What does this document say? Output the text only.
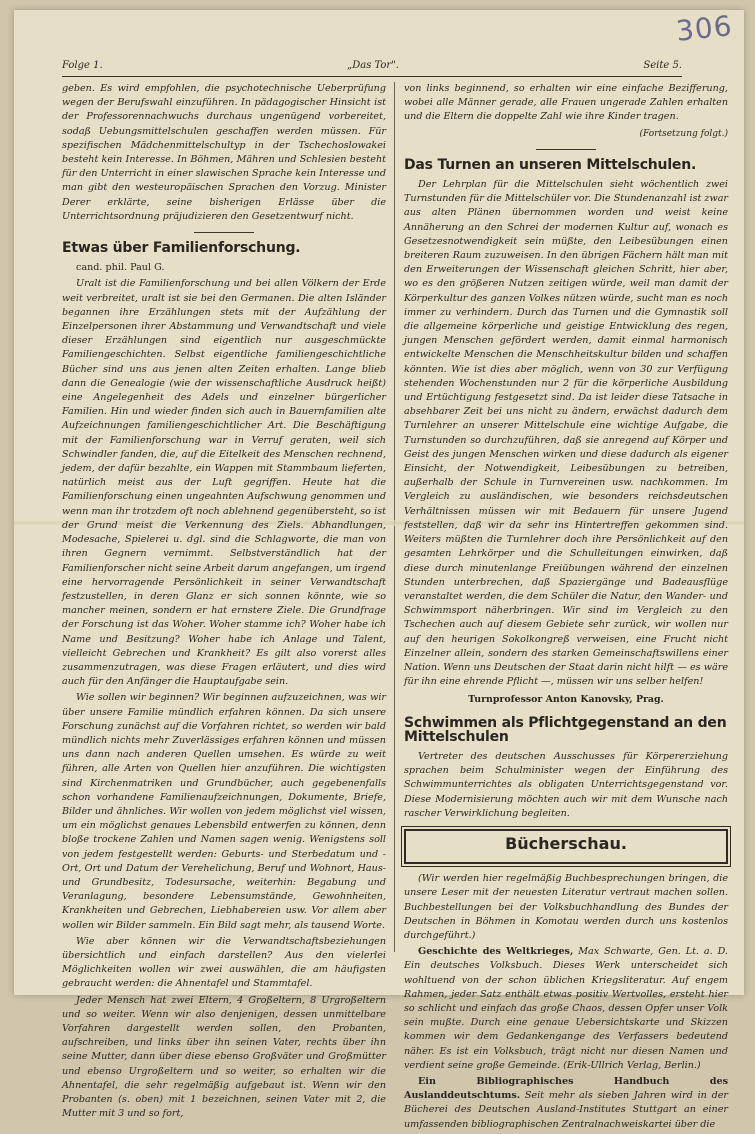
306
Folge 1.	„Das Tor".	Seite 5.

geben. Es wird empfohlen, die psychotechnische Ueberprüfung wegen der Berufswahl einzuführen. In pädagogischer Hinsicht ist der Professorennachwuchs durchaus ungenügend vorbereitet, sodaß Uebungsmittelschulen geschaffen werden müssen. Für spezifischen Mädchenmittelschultyp in der Tschechoslowakei besteht kein Interesse. In Böhmen, Mähren und Schlesien besteht für den Unterricht in einer slawischen Sprache kein Interesse und man gibt den westeuropäischen Sprachen den Vorzug. Minister Derer erklärte, seine bisherigen Erlässe über die Unterrichtsordnung präjudizieren den Gesetzentwurf nicht.

Etwas über Familienforschung.
cand. phil. Paul G.

Uralt ist die Familienforschung und bei allen Völkern der Erde weit verbreitet, uralt ist sie bei den Germanen. Die alten Isländer begannen ihre Erzählungen stets mit der Aufzählung der Einzelpersonen ihrer Abstammung und Verwandtschaft und viele dieser Erzählungen sind eigentlich nur ausgeschmückte Familiengeschichten. Selbst eigentliche familiengeschichtliche Bücher sind uns aus jenen alten Zeiten erhalten. Lange blieb dann die Genealogie (wie der wissenschaftliche Ausdruck heißt) eine Angelegenheit des Adels und einzelner bürgerlicher Familien. Hin und wieder finden sich auch in Bauernfamilien alte Aufzeichnungen familiengeschichtlicher Art. Die Beschäftigung mit der Familienforschung war in Verruf geraten, weil sich Schwindler fanden, die, auf die Eitelkeit des Menschen rechnend, jedem, der dafür bezahlte, ein Wappen mit Stammbaum lieferten, natürlich meist aus der Luft gegriffen. Heute hat die Familienforschung einen ungeahnten Aufschwung genommen und wenn man ihr trotzdem oft noch ablehnend gegenübersteht, so ist der Grund meist die Verkennung des Ziels. Abhandlungen, Modesache, Spielerei u. dgl. sind die Schlagworte, die man von ihren Gegnern vernimmt. Selbstverständlich hat der Familienforscher nicht seine Arbeit darum angefangen, um irgend eine hervorragende Persönlichkeit in seiner Verwandtschaft festzustellen, in deren Glanz er sich sonnen könnte, wie so mancher meinen, sondern er hat ernstere Ziele. Die Grundfrage der Forschung ist das Woher. Woher stamme ich? Woher habe ich Name und Besitzung? Woher habe ich Anlage und Talent, vielleicht Gebrechen und Krankheit? Es gilt also vorerst alles zusammenzutragen, was diese Fragen erläutert, und dies wird auch für den Anfänger die Hauptaufgabe sein.

Wie sollen wir beginnen? Wir beginnen aufzuzeichnen, was wir über unsere Familie mündlich erfahren können. Da sich unsere Forschung zunächst auf die Vorfahren richtet, so werden wir bald mündlich nichts mehr Zuverlässiges erfahren können und müssen uns dann nach anderen Quellen umsehen. Es würde zu weit führen, alle Arten von Quellen hier anzuführen. Die wichtigsten sind Kirchenmatriken und Grundbücher, auch gegebenenfalls schon vorhandene Familienaufzeichnungen, Dokumente, Briefe, Bilder und ähnliches. Wir wollen von jedem möglichst viel wissen, um ein möglichst genaues Lebensbild entwerfen zu können, denn bloße trockene Zahlen und Namen sagen wenig. Wenigstens soll von jedem festgestellt werden: Geburts- und Sterbedatum und -Ort, Ort und Datum der Verehelichung, Beruf und Wohnort, Haus- und Grundbesitz, Todesursache, weiterhin: Begabung und Veranlagung, besondere Lebensumstände, Gewohnheiten, Krankheiten und Gebrechen, Liebhabereien usw. Vor allem aber wollen wir Bilder sammeln. Ein Bild sagt mehr, als tausend Worte.

Wie aber können wir die Verwandtschaftsbeziehungen übersichtlich und einfach darstellen? Aus den vielerlei Möglichkeiten wollen wir zwei auswählen, die am häufigsten gebraucht werden: die Ahnentafel und Stammtafel.

Jeder Mensch hat zwei Eltern, 4 Großeltern, 8 Urgroßeltern und so weiter. Wenn wir also denjenigen, dessen unmittelbare Vorfahren dargestellt werden sollen, den Probanten, aufschreiben, und links über ihn seinen Vater, rechts über ihn seine Mutter, dann über diese ebenso Großväter und Großmütter und ebenso Urgroßeltern und so weiter, so erhalten wir die Ahnentafel, die sehr regelmäßig aufgebaut ist. Wenn wir den Probanten (s. oben) mit 1 bezeichnen, seinen Vater mit 2, die Mutter mit 3 und so fort,

von links beginnend, so erhalten wir eine einfache Bezifferung, wobei alle Männer gerade, alle Frauen ungerade Zahlen erhalten und die Eltern die doppelte Zahl wie ihre Kinder tragen.

(Fortsetzung folgt.)
Das Turnen an unseren Mittelschulen.

Der Lehrplan für die Mittelschulen sieht wöchentlich zwei Turnstunden für die Mittelschüler vor. Die Stundenanzahl ist zwar aus alten Plänen übernommen worden und weist keine Annäherung an den Schrei der modernen Kultur auf, wonach es Gesetzesnotwendigkeit sein müßte, den Leibesübungen einen breiteren Raum zuzuweisen. In den übrigen Fächern hält man mit den Erweiterungen der Wissenschaft gleichen Schritt, hier aber, wo es den größeren Nutzen zeitigen würde, weil man damit der Körperkultur des ganzen Volkes nützen würde, sucht man es noch immer zu verhindern. Durch das Turnen und die Gymnastik soll die allgemeine körperliche und geistige Entwicklung des regen, jungen Menschen gefördert werden, damit einmal harmonisch entwickelte Menschen die Menschheitskultur bilden und schaffen könnten. Wie ist dies aber möglich, wenn von 30 zur Verfügung stehenden Wochenstunden nur 2 für die körperliche Ausbildung und Ertüchtigung festgesetzt sind. Da ist leider diese Tatsache in absehbarer Zeit bei uns nicht zu ändern, erwächst dadurch dem Turnlehrer an unserer Mittelschule eine wichtige Aufgabe, die Turnstunden so durchzuführen, daß sie anregend auf Körper und Geist des jungen Menschen wirken und diese dadurch als eigener Einsicht, der Notwendigkeit, Leibesübungen zu betreiben, außerhalb der Schule in Turnvereinen usw. nachkommen. Im Vergleich zu ausländischen, wie besonders reichsdeutschen Verhältnissen müssen wir mit Bedauern für unsere Jugend feststellen, daß wir da sehr ins Hintertreffen gekommen sind. Weiters müßten die Turnlehrer doch ihre Persönlichkeit auf den gesamten Lehrkörper und die Schulleitungen einwirken, daß diese durch minutenlange Freiübungen während der einzelnen Stunden unterbrechen, daß Spaziergänge und Badeausflüge veranstaltet werden, die dem Schüler die Natur, den Wander- und Schwimmsport näherbringen. Wir sind im Vergleich zu den Tschechen auch auf diesem Gebiete sehr zurück, wir wollen nur auf den heurigen Sokolkongreß verweisen, eine Frucht nicht Einzelner allein, sondern des starken Gemeinschaftswillens einer Nation. Wenn uns Deutschen der Staat darin nicht hilft — es wäre für ihn eine ehrende Pflicht —, müssen wir uns selber helfen!

Turnprofessor Anton Kanovsky, Prag.
Schwimmen als Pflichtgegenstand an den Mittelschulen

Vertreter des deutschen Ausschusses für Körpererziehung sprachen beim Schulminister wegen der Einführung des Schwimmunterrichtes als obligaten Unterrichtsgegenstand vor. Diese Modernisierung möchten auch wir mit dem Wunsche nach rascher Verwirklichung begleiten.

Bücherschau.

(Wir werden hier regelmäßig Buchbesprechungen bringen, die unsere Leser mit der neuesten Literatur vertraut machen sollen. Buchbestellungen bei der Volksbuchhandlung des Bundes der Deutschen in Böhmen in Komotau werden durch uns kostenlos durchgeführt.)

Geschichte des Weltkrieges, Max Schwarte, Gen. Lt. a. D. Ein deutsches Volksbuch. Dieses Werk unterscheidet sich wohltuend von der schon üblichen Kriegsliteratur. Auf engem Rahmen, jeder Satz enthält etwas positiv Wertvolles, ersteht hier so schlicht und einfach das große Chaos, dessen Opfer unser Volk sein mußte. Durch eine genaue Uebersichtskarte und Skizzen kommen wir dem Gedankengange des Verfassers bedeutend näher. Es ist ein Volksbuch, trägt nicht nur diesen Namen und verdient seine große Gemeinde. (Erik-Ullrich Verlag, Berlin.)

Ein Bibliographisches Handbuch des Auslanddeutschtums. Seit mehr als sieben Jahren wird in der Bücherei des Deutschen Ausland-Institutes Stuttgart an einer umfassenden bibliographischen Zentralnachweiskartei über die
